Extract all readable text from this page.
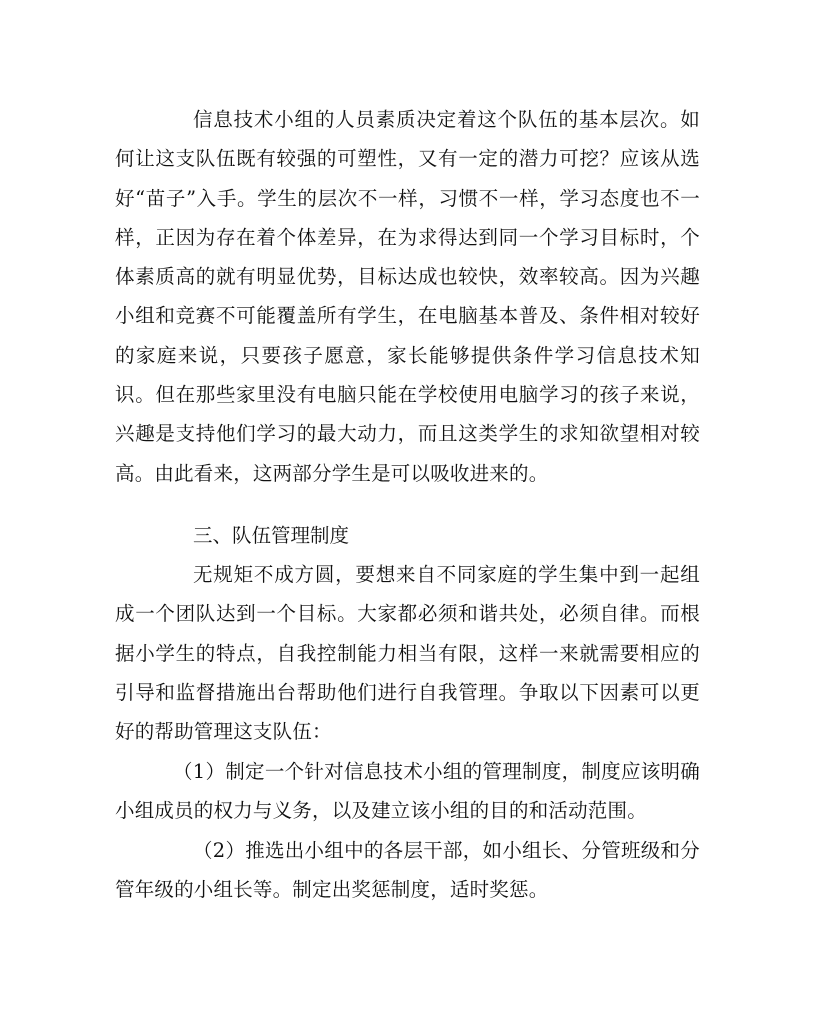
信息技术小组的人员素质决定着这个队伍的基本层次。如何让这支队伍既有较强的可塑性，又有一定的潜力可挖？应该从选好“苗子”入手。学生的层次不一样，习惯不一样，学习态度也不一样，正因为存在着个体差异，在为求得达到同一个学习目标时，个体素质高的就有明显优势，目标达成也较快，效率较高。因为兴趣小组和竞赛不可能覆盖所有学生，在电脑基本普及、条件相对较好的家庭来说，只要孩子愿意，家长能够提供条件学习信息技术知识。但在那些家里没有电脑只能在学校使用电脑学习的孩子来说，兴趣是支持他们学习的最大动力，而且这类学生的求知欲望相对较高。由此看来，这两部分学生是可以吸收进来的。

三、队伍管理制度

无规矩不成方圆，要想来自不同家庭的学生集中到一起组成一个团队达到一个目标。大家都必须和谐共处，必须自律。而根据小学生的特点，自我控制能力相当有限，这样一来就需要相应的引导和监督措施出台帮助他们进行自我管理。争取以下因素可以更好的帮助管理这支队伍：

（1）制定一个针对信息技术小组的管理制度，制度应该明确小组成员的权力与义务，以及建立该小组的目的和活动范围。

（2）推选出小组中的各层干部，如小组长、分管班级和分管年级的小组长等。制定出奖惩制度，适时奖惩。
